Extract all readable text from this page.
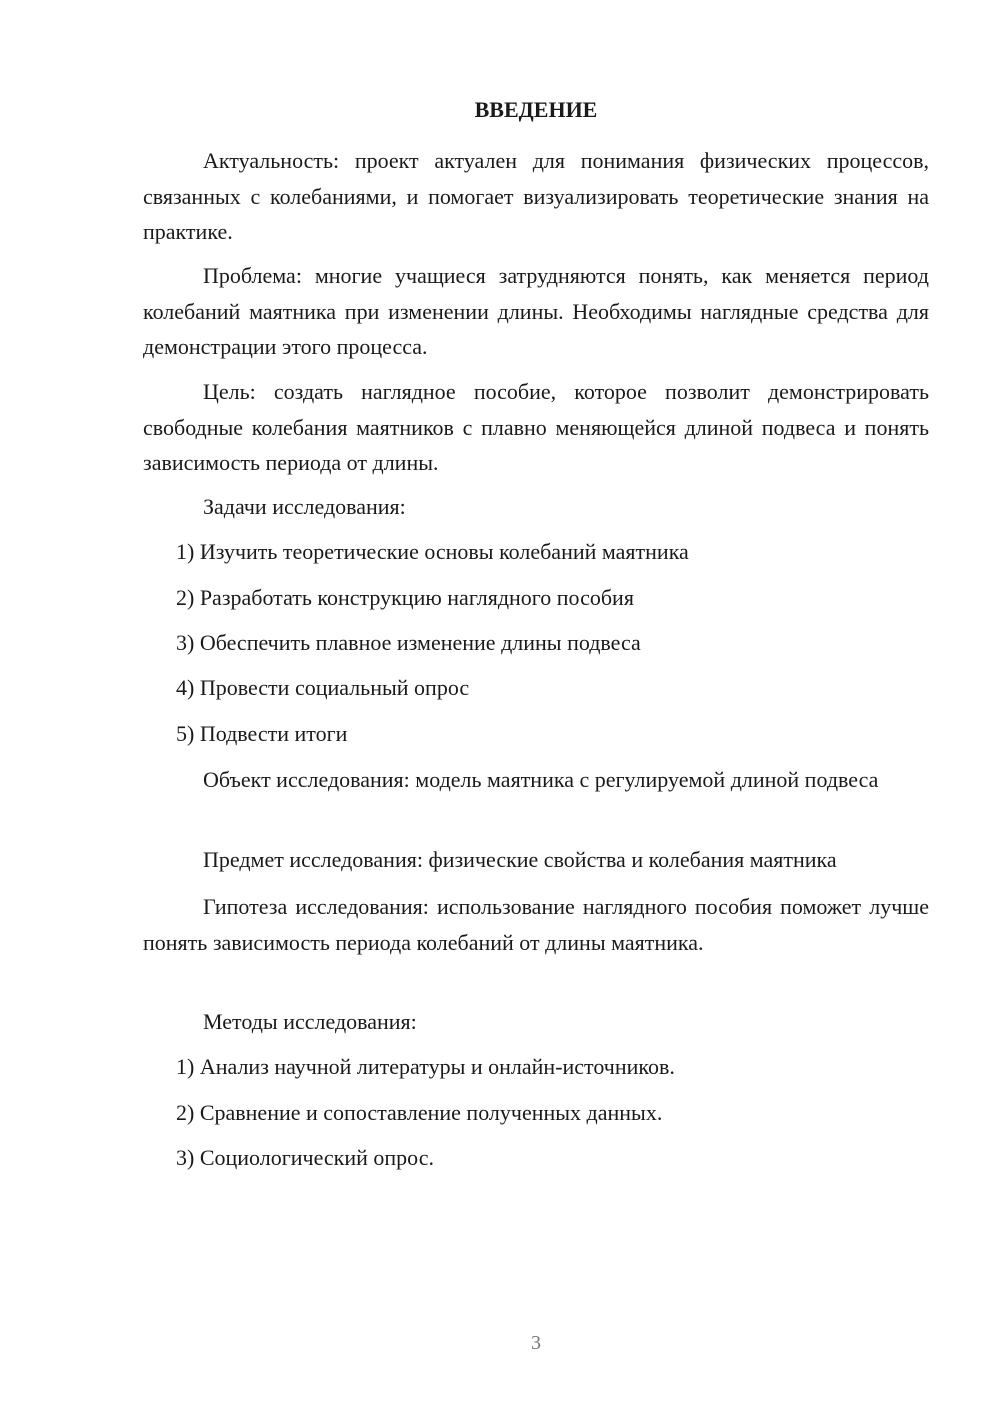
ВВЕДЕНИЕ

Актуальность: проект актуален для понимания физических процессов, связанных с колебаниями, и помогает визуализировать теоретические знания на практике.

Проблема: многие учащиеся затрудняются понять, как меняется период колебаний маятника при изменении длины. Необходимы наглядные средства для демонстрации этого процесса.

Цель: создать наглядное пособие, которое позволит демонстрировать свободные колебания маятников с плавно меняющейся длиной подвеса и понять зависимость периода от длины.

Задачи исследования:

1) Изучить теоретические основы колебаний маятника

2) Разработать конструкцию наглядного пособия

3) Обеспечить плавное изменение длины подвеса

4) Провести социальный опрос

5) Подвести итоги

Объект исследования: модель маятника с регулируемой длиной подвеса

Предмет исследования: физические свойства и колебания маятника

Гипотеза исследования: использование наглядного пособия поможет лучше понять зависимость периода колебаний от длины маятника.

Методы исследования:

1) Анализ научной литературы и онлайн-источников.

2) Сравнение и сопоставление полученных данных.

3) Социологический опрос.

3
